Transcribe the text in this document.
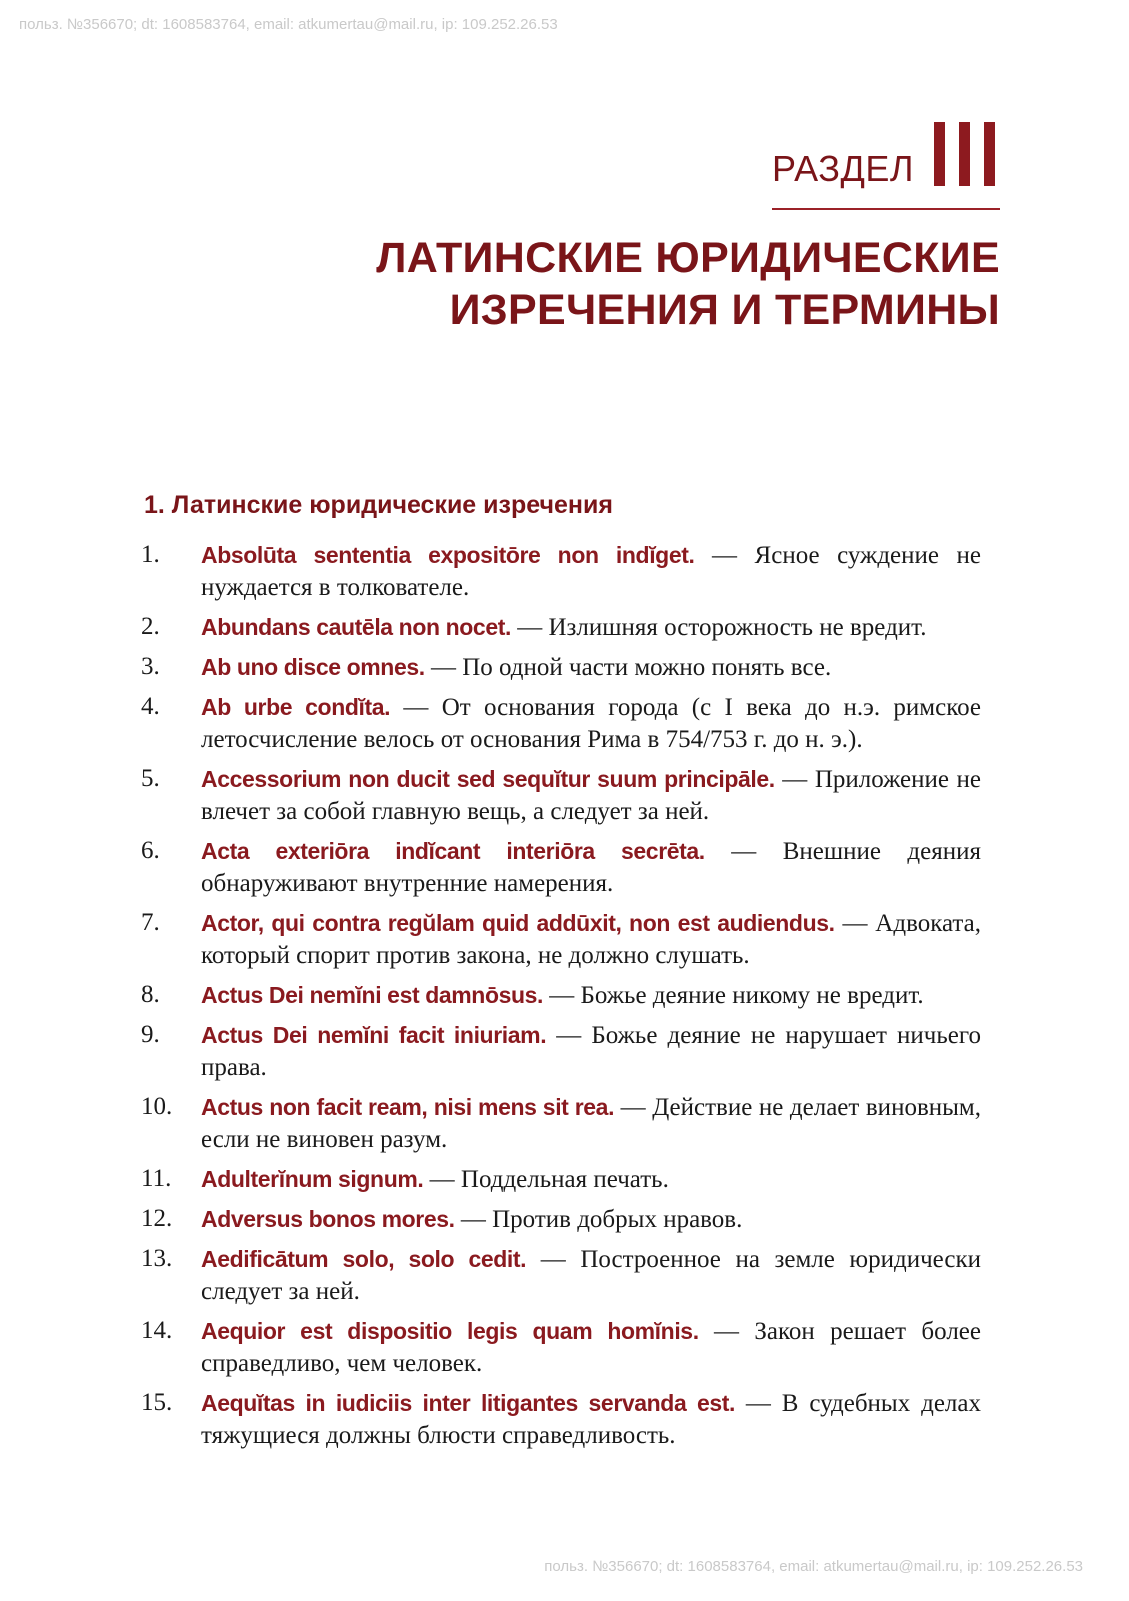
польз. №356670; dt: 1608583764, email: atkumertau@mail.ru, ip: 109.252.26.53
РАЗДЕЛ
ЛАТИНСКИЕ ЮРИДИЧЕСКИЕ
ИЗРЕЧЕНИЯ И ТЕРМИНЫ
1. Латинские юридические изречения
1. Absolūta sententia expositōre non indĭget. — Ясное суждение не нуждается в толкователе.
2. Abundans cautēla non nocet. — Излишняя осторожность не вредит.
3. Ab uno disce omnes. — По одной части можно понять все.
4. Ab urbe condĭta. — От основания города (с I века до н.э. римское летосчисление велось от основания Рима в 754/753 г. до н. э.).
5. Accessorium non ducit sed sequĭtur suum principāle. — Приложение не влечет за собой главную вещь, а следует за ней.
6. Acta exteriōra indĭcant interiōra secrēta. — Внешние деяния обнаруживают внутренние намерения.
7. Actor, qui contra regŭlam quid addūxit, non est audiendus. — Адвоката, который спорит против закона, не должно слушать.
8. Actus Dei nemĭni est damnōsus. — Божье деяние никому не вредит.
9. Actus Dei nemĭni facit iniuriam. — Божье деяние не нарушает ничьего права.
10. Actus non facit ream, nisi mens sit rea. — Действие не делает виновным, если не виновен разум.
11. Adulterĭnum signum. — Поддельная печать.
12. Adversus bonos mores. — Против добрых нравов.
13. Aedificātum solo, solo cedit. — Построенное на земле юридически следует за ней.
14. Aequior est dispositio legis quam homĭnis. — Закон решает более справедливо, чем человек.
15. Aequĭtas in iudiciis inter litigantes servanda est. — В судебных делах тяжущиеся должны блюсти справедливость.
польз. №356670; dt: 1608583764, email: atkumertau@mail.ru, ip: 109.252.26.53
